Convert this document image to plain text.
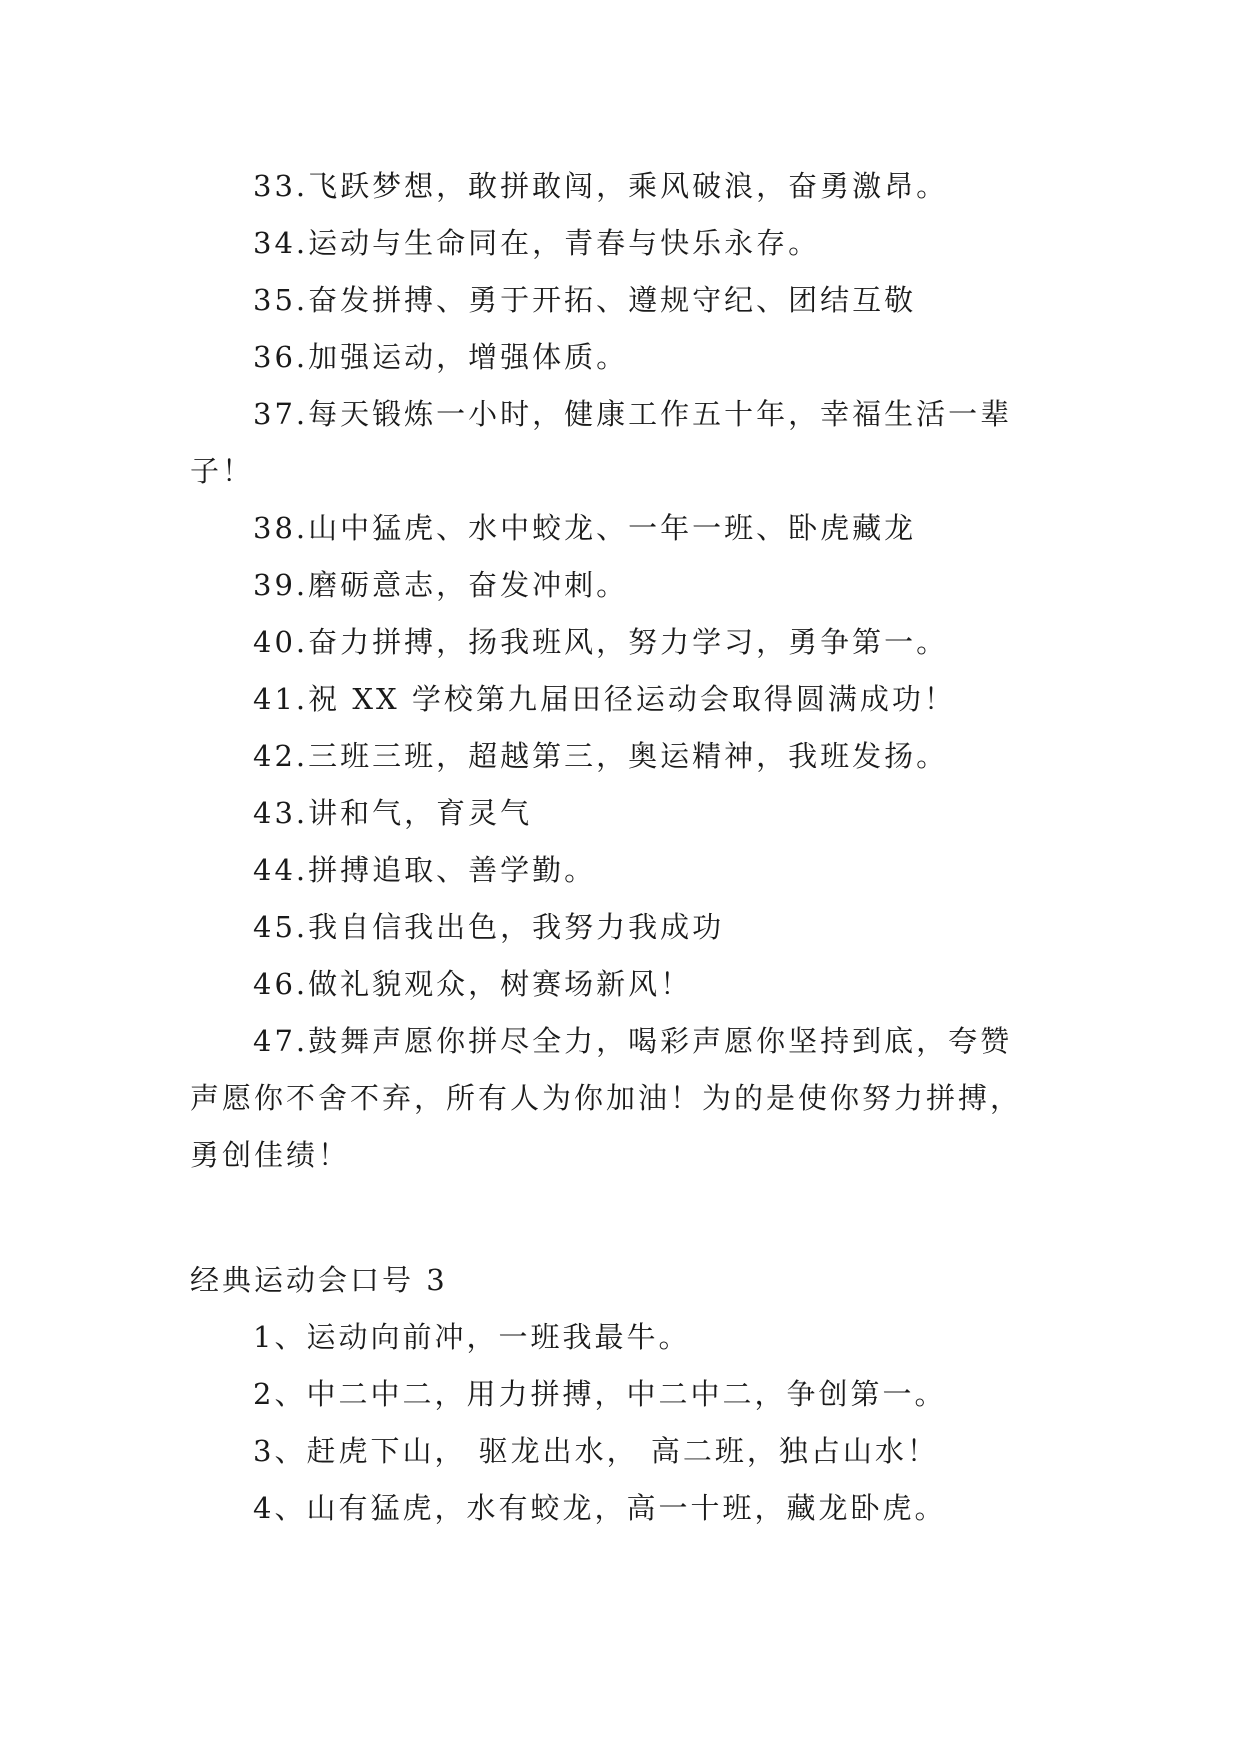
33.飞跃梦想，敢拼敢闯，乘风破浪，奋勇激昂。
34.运动与生命同在，青春与快乐永存。
35.奋发拼搏、勇于开拓、遵规守纪、团结互敬
36.加强运动，增强体质。
37.每天锻炼一小时，健康工作五十年，幸福生活一辈
子！
38.山中猛虎、水中蛟龙、一年一班、卧虎藏龙
39.磨砺意志，奋发冲刺。
40.奋力拼搏，扬我班风，努力学习，勇争第一。
41.祝 XX 学校第九届田径运动会取得圆满成功！
42.三班三班，超越第三，奥运精神，我班发扬。
43.讲和气，育灵气
44.拼搏追取、善学勤。
45.我自信我出色，我努力我成功
46.做礼貌观众，树赛场新风！
47.鼓舞声愿你拼尽全力，喝彩声愿你坚持到底，夸赞
声愿你不舍不弃，所有人为你加油！为的是使你努力拼搏，
勇创佳绩！
经典运动会口号 3
1、运动向前冲，一班我最牛。
2、中二中二，用力拼搏，中二中二，争创第一。
3、赶虎下山， 驱龙出水， 高二班，独占山水！
4、山有猛虎，水有蛟龙，高一十班，藏龙卧虎。
